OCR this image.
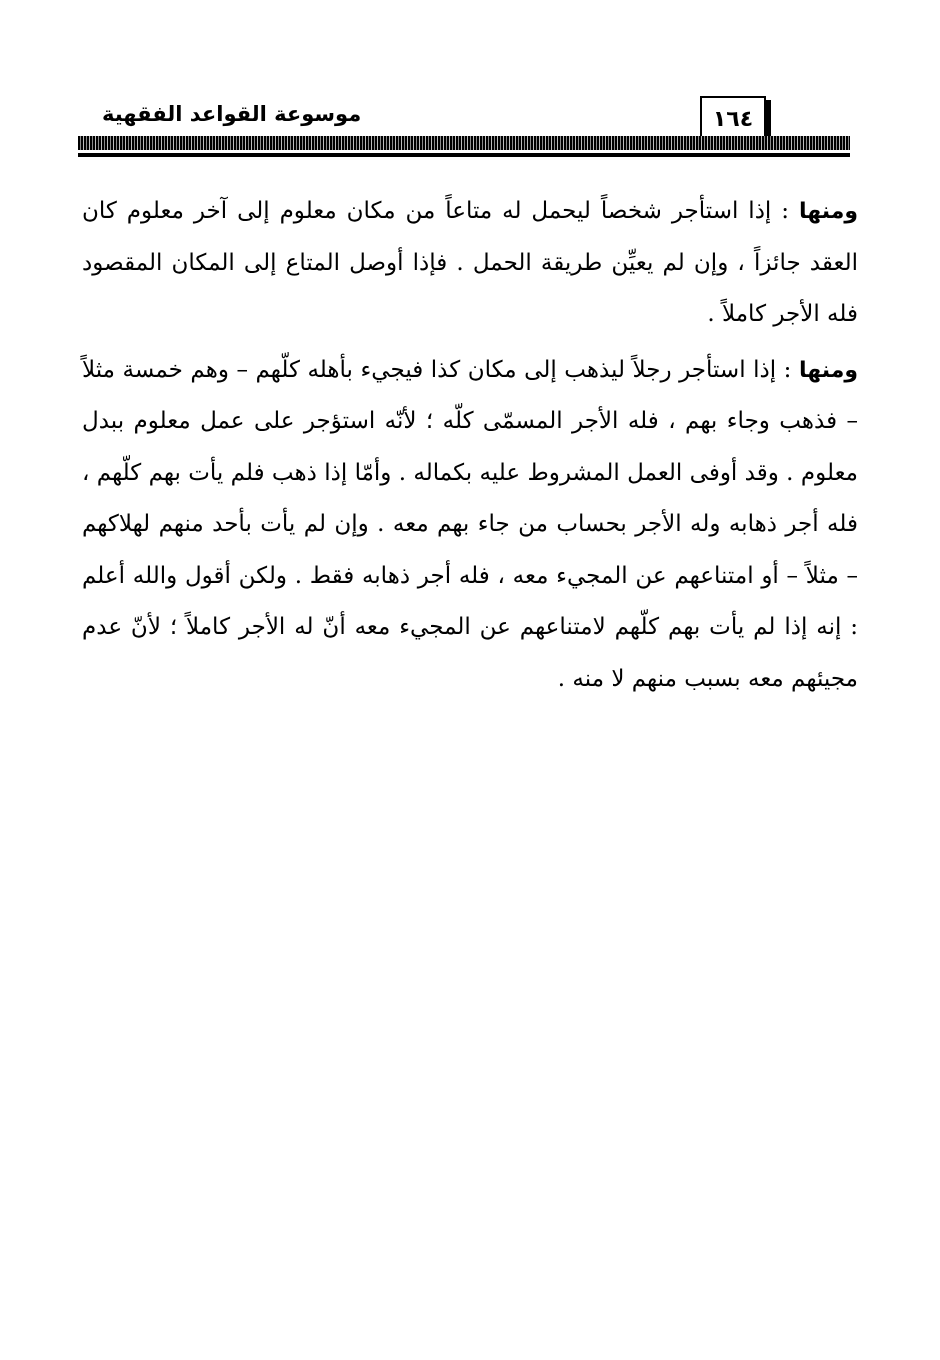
١٦٤
موسوعة القواعد الفقهية

ومنها : إذا استأجر شخصاً ليحمل له متاعاً من مكان معلوم إلى آخر معلوم كان العقد جائزاً ، وإن لم يعيِّن طريقة الحمل . فإذا أوصل المتاع إلى المكان المقصود فله الأجر كاملاً .

ومنها : إذا استأجر رجلاً ليذهب إلى مكان كذا فيجيء بأهله كلّهم – وهم خمسة مثلاً – فذهب وجاء بهم ، فله الأجر المسمّى كلّه ؛ لأنّه استؤجر على عمل معلوم ببدل معلوم . وقد أوفى العمل المشروط عليه بكماله . وأمّا إذا ذهب فلم يأت بهم كلّهم ، فله أجر ذهابه وله الأجر بحساب من جاء بهم معه . وإن لم يأت بأحد منهم لهلاكهم – مثلاً – أو امتناعهم عن المجيء معه ، فله أجر ذهابه فقط . ولكن أقول والله أعلم : إنه إذا لم يأت بهم كلّهم لامتناعهم عن المجيء معه أنّ له الأجر كاملاً ؛ لأنّ عدم مجيئهم معه بسبب منهم لا منه .
